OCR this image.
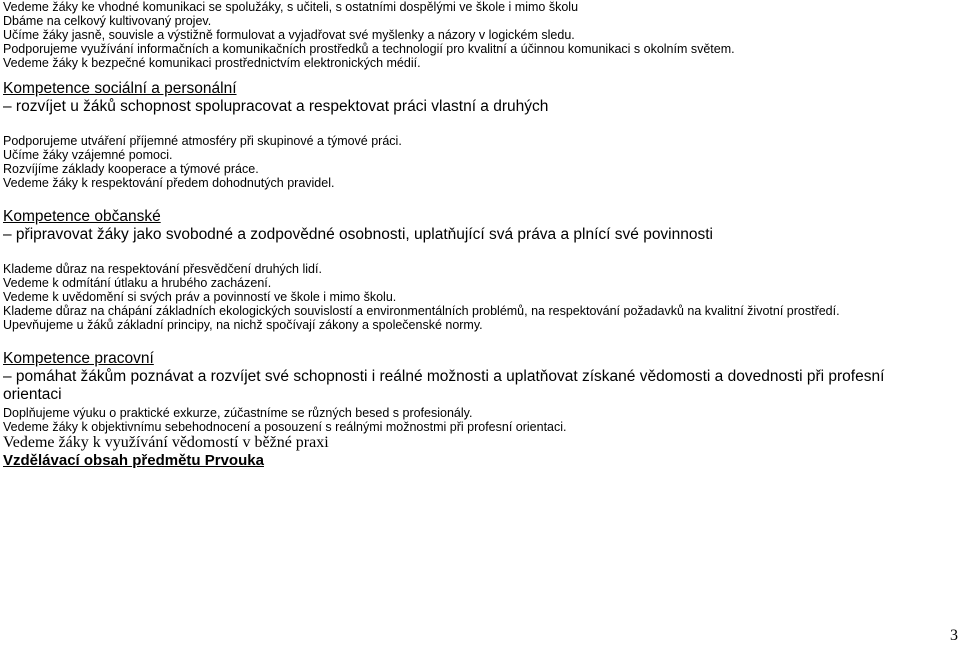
Vedeme žáky ke vhodné komunikaci se spolužáky, s učiteli, s ostatními dospělými ve škole i mimo školu

Dbáme na celkový kultivovaný projev.

Učíme žáky jasně, souvisle a výstižně formulovat a vyjadřovat své myšlenky a názory v logickém sledu.

Podporujeme využívání informačních a komunikačních prostředků a technologií pro kvalitní a účinnou komunikaci s okolním světem.

Vedeme žáky k bezpečné komunikaci prostřednictvím elektronických médií.

Kompetence sociální a personální

– rozvíjet u žáků schopnost spolupracovat a respektovat práci vlastní a druhých

Podporujeme utváření příjemné atmosféry při skupinové a týmové práci.

Učíme žáky vzájemné pomoci.

Rozvíjíme základy kooperace a týmové práce.

Vedeme žáky k respektování předem dohodnutých pravidel.

Kompetence občanské

– připravovat žáky jako svobodné a zodpovědné osobnosti, uplatňující svá práva a plnící své povinnosti

Klademe důraz na respektování přesvědčení druhých lidí.

Vedeme k odmítání útlaku a hrubého zacházení.

Vedeme k uvědomění si svých práv a povinností ve škole i mimo školu.

Klademe důraz na chápání základních ekologických souvislostí a environmentálních problémů, na respektování požadavků na kvalitní životní prostředí.

Upevňujeme u žáků základní principy, na nichž spočívají zákony a společenské normy.

Kompetence pracovní

– pomáhat žákům poznávat a rozvíjet své schopnosti i reálné možnosti a uplatňovat získané vědomosti a dovednosti při profesní orientaci

Doplňujeme výuku o praktické exkurze, zúčastníme se různých besed s profesionály.

Vedeme žáky k objektivnímu sebehodnocení a posouzení s reálnými možnostmi při profesní orientaci.

Vedeme žáky k využívání vědomostí v běžné praxi

Vzdělávací obsah předmětu Prvouka

3
